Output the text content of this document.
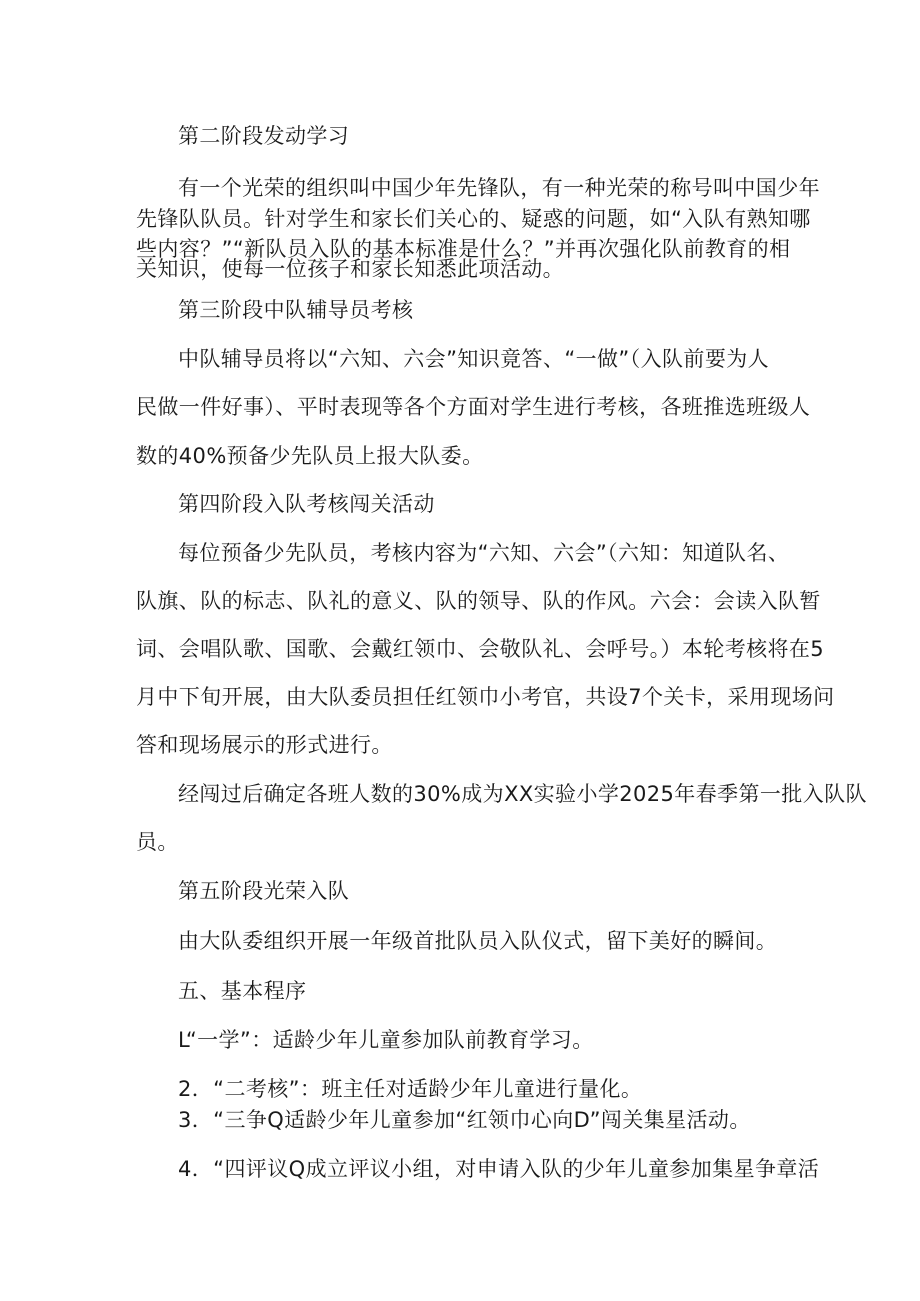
第二阶段发动学习
有一个光荣的组织叫中国少年先锋队，有一种光荣的称号叫中国少年
先锋队队员。针对学生和家长们关心的、疑惑的问题，如“入队有熟知哪
些内容？”“新队员入队的基本标准是什么？”并再次强化队前教育的相
关知识，使每一位孩子和家长知悉此项活动。
第三阶段中队辅导员考核
中队辅导员将以“六知、六会”知识竟答、“一做”（入队前要为人
民做一件好事）、平时表现等各个方面对学生进行考核，各班推选班级人
数的40%预备少先队员上报大队委。
第四阶段入队考核闯关活动
每位预备少先队员，考核内容为“六知、六会”（六知：知道队名、
队旗、队的标志、队礼的意义、队的领导、队的作风。六会：会读入队暂
词、会唱队歌、国歌、会戴红领巾、会敬队礼、会呼号。）本轮考核将在5
月中下旬开展，由大队委员担任红领巾小考官，共设7个关卡，采用现场问
答和现场展示的形式进行。
经闯过后确定各班人数的30%成为XX实验小学2025年春季第一批入队队
员。
第五阶段光荣入队
由大队委组织开展一年级首批队员入队仪式，留下美好的瞬间。
五、基本程序
L“一学”：适龄少年儿童参加队前教育学习。
2．“二考核”：班主任对适龄少年儿童进行量化。
3．“三争Q适龄少年儿童参加“红领巾心向D”闯关集星活动。
4．“四评议Q成立评议小组，对申请入队的少年儿童参加集星争章活
